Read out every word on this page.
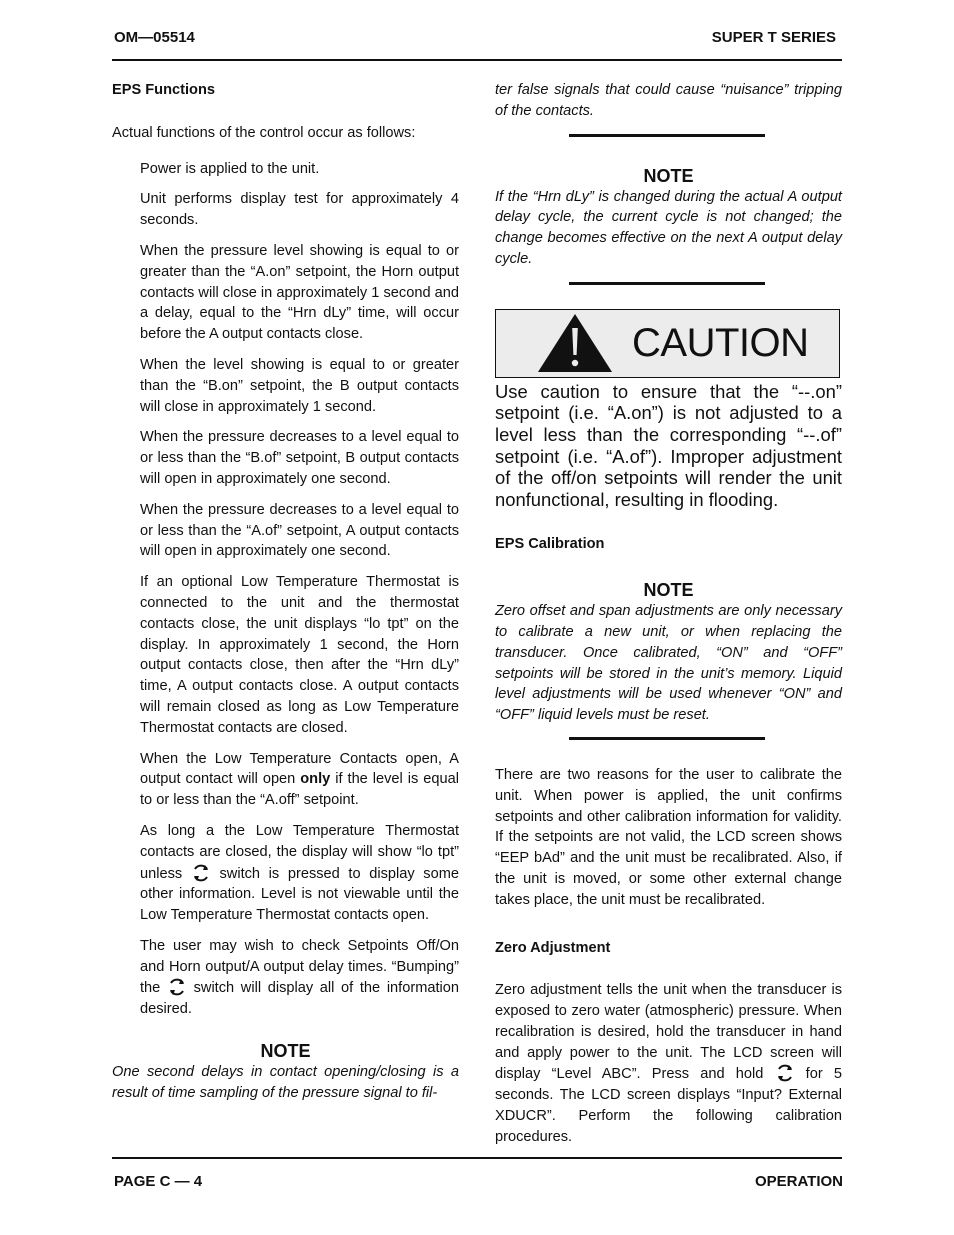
OM—05514	SUPER T SERIES
EPS Functions

Actual functions of the control occur as follows:

Power is applied to the unit.

Unit performs display test for approximately 4 seconds.

When the pressure level showing is equal to or greater than the “A.on” setpoint, the Horn output contacts will close in approximately 1 second and a delay, equal to the “Hrn dLy” time, will occur before the A output contacts close.

When the level showing is equal to or greater than the “B.on” setpoint, the B output contacts will close in approximately 1 second.

When the pressure decreases to a level equal to or less than the “B.of” setpoint, B output contacts will open in approximately one second.

When the pressure decreases to a level equal to or less than the “A.of” setpoint, A output contacts will open in approximately one second.

If an optional Low Temperature Thermostat is connected to the unit and the thermostat contacts close, the unit displays “lo tpt” on the display. In approximately 1 second, the Horn output contacts close, then after the “Hrn dLy” time, A output contacts close. A output contacts will remain closed as long as Low Temperature Thermostat contacts are closed.

When the Low Temperature Contacts open, A output contact will open only if the level is equal to or less than the “A.off” setpoint.

As long a the Low Temperature Thermostat contacts are closed, the display will show “lo tpt” unless
switch is pressed to display some other information. Level is not viewable until the Low Temperature Thermostat contacts open.

The user may wish to check Setpoints Off/On and Horn output/A output delay times. “Bumping” the
switch will display all of the information desired.

NOTE

One second delays in contact opening/closing is a result of time sampling of the pressure signal to fil-

ter false signals that could cause “nuisance” tripping of the contacts.

NOTE

If the “Hrn dLy” is changed during the actual A output delay cycle, the current cycle is not changed; the change becomes effective on the next A output delay cycle.

CAUTION

Use caution to ensure that the “--.on” setpoint (i.e. “A.on”) is not adjusted to a level less than the corresponding “--.of” setpoint (i.e. “A.of”). Improper adjustment of the off/on setpoints will render the unit nonfunctional, resulting in flooding.

EPS Calibration
NOTE

Zero offset and span adjustments are only necessary to calibrate a new unit, or when replacing the transducer. Once calibrated, “ON” and “OFF” setpoints will be stored in the unit’s memory. Liquid level adjustments will be used whenever “ON” and “OFF” liquid levels must be reset.

There are two reasons for the user to calibrate the unit. When power is applied, the unit confirms setpoints and other calibration information for validity. If the setpoints are not valid, the LCD screen shows “EEP bAd” and the unit must be recalibrated. Also, if the unit is moved, or some other external change takes place, the unit must be recalibrated.

Zero Adjustment

Zero adjustment tells the unit when the transducer is exposed to zero water (atmospheric) pressure. When recalibration is desired, hold the transducer in hand and apply power to the unit. The LCD screen will display “Level ABC”. Press and hold
for 5 seconds. The LCD screen displays “Input? External XDUCR”. Perform the following calibration procedures.

PAGE C — 4	OPERATION
